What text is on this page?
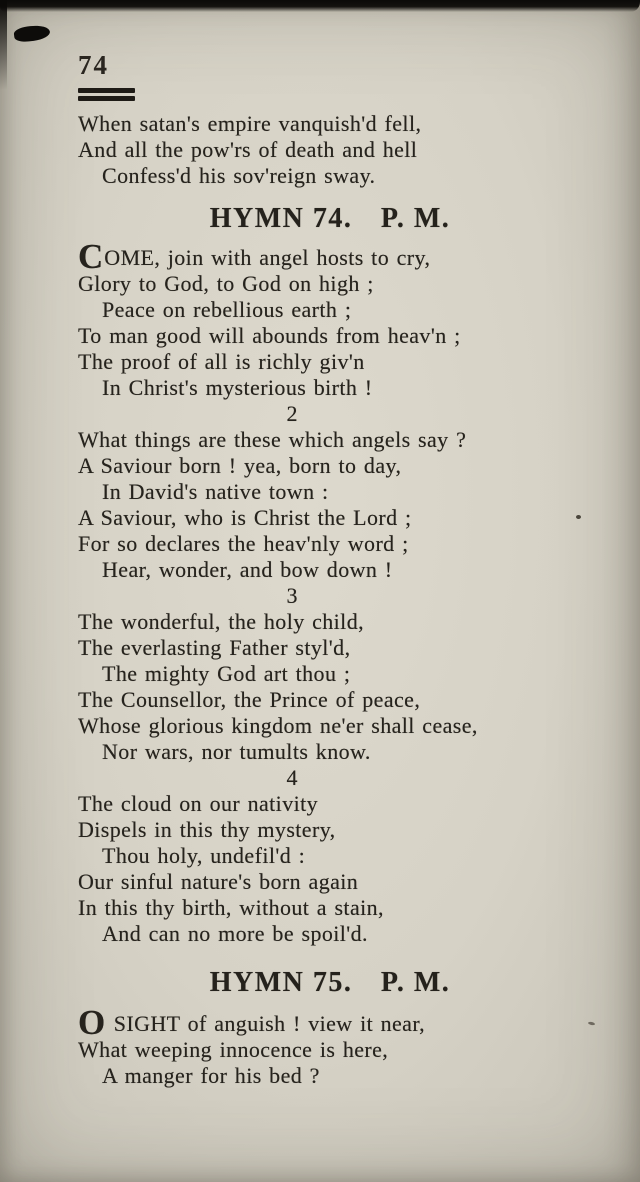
74
When satan's empire vanquish'd fell,
And all the pow'rs of death and hell
Confess'd his sov'reign sway.
HYMN 74. P. M.
COME, join with angel hosts to cry,
Glory to God, to God on high ;
Peace on rebellious earth ;
To man good will abounds from heav'n ;
The proof of all is richly giv'n
In Christ's mysterious birth !
2
What things are these which angels say ?
A Saviour born ! yea, born to day,
In David's native town :
A Saviour, who is Christ the Lord ;
For so declares the heav'nly word ;
Hear, wonder, and bow down !
3
The wonderful, the holy child,
The everlasting Father styl'd,
The mighty God art thou ;
The Counsellor, the Prince of peace,
Whose glorious kingdom ne'er shall cease,
Nor wars, nor tumults know.
4
The cloud on our nativity
Dispels in this thy mystery,
Thou holy, undefil'd :
Our sinful nature's born again
In this thy birth, without a stain,
And can no more be spoil'd.
HYMN 75. P. M.
O SIGHT of anguish ! view it near,
What weeping innocence is here,
A manger for his bed ?
